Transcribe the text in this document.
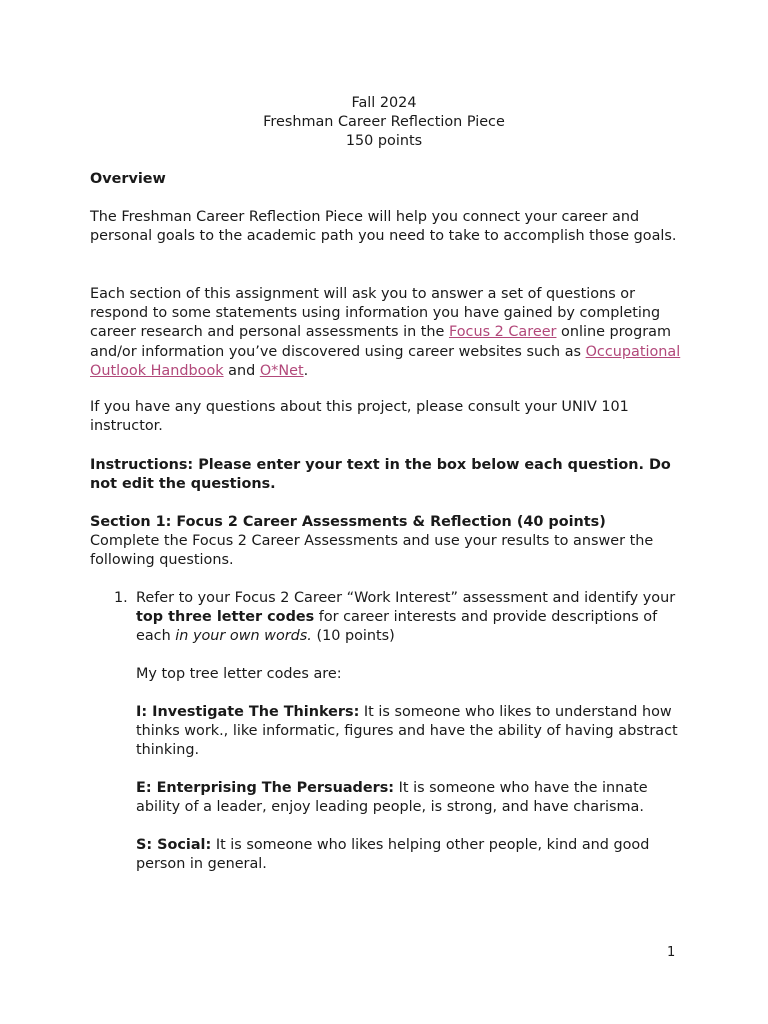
Fall 2024
Freshman Career Reflection Piece
150 points

Overview

The Freshman Career Reflection Piece will help you connect your career and personal goals to the academic path you need to take to accomplish those goals.

Each section of this assignment will ask you to answer a set of questions or respond to some statements using information you have gained by completing career research and personal assessments in the Focus 2 Career online program and/or information you’ve discovered using career websites such as Occupational Outlook Handbook and O*Net.

If you have any questions about this project, please consult your UNIV 101 instructor.

Instructions: Please enter your text in the box below each question. Do not edit the questions.

Section 1: Focus 2 Career Assessments & Reflection (40 points)

Complete the Focus 2 Career Assessments and use your results to answer the following questions.

1. Refer to your Focus 2 Career “Work Interest” assessment and identify your top three letter codes for career interests and provide descriptions of each in your own words. (10 points)

My top tree letter codes are:

I: Investigate The Thinkers: It is someone who likes to understand how thinks work., like informatic, figures and have the ability of having abstract thinking.

E: Enterprising The Persuaders: It is someone who have the innate ability of a leader, enjoy leading people, is strong, and have charisma.

S: Social: It is someone who likes helping other people, kind and good person in general.

1
